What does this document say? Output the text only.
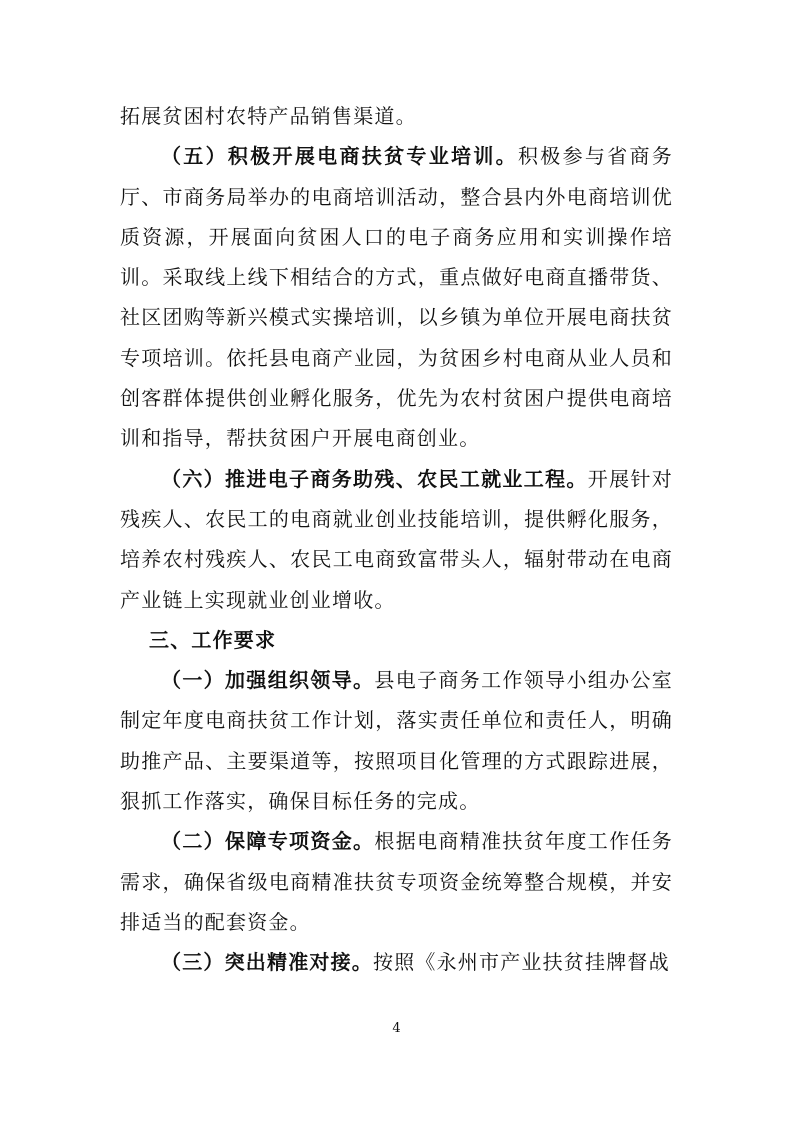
拓展贫困村农特产品销售渠道。

（五）积极开展电商扶贫专业培训。积极参与省商务厅、市商务局举办的电商培训活动，整合县内外电商培训优质资源，开展面向贫困人口的电子商务应用和实训操作培训。采取线上线下相结合的方式，重点做好电商直播带货、社区团购等新兴模式实操培训，以乡镇为单位开展电商扶贫专项培训。依托县电商产业园，为贫困乡村电商从业人员和创客群体提供创业孵化服务，优先为农村贫困户提供电商培训和指导，帮扶贫困户开展电商创业。

（六）推进电子商务助残、农民工就业工程。开展针对残疾人、农民工的电商就业创业技能培训，提供孵化服务，培养农村残疾人、农民工电商致富带头人，辐射带动在电商产业链上实现就业创业增收。

三、工作要求

（一）加强组织领导。县电子商务工作领导小组办公室制定年度电商扶贫工作计划，落实责任单位和责任人，明确助推产品、主要渠道等，按照项目化管理的方式跟踪进展，狠抓工作落实，确保目标任务的完成。

（二）保障专项资金。根据电商精准扶贫年度工作任务需求，确保省级电商精准扶贫专项资金统筹整合规模，并安排适当的配套资金。

（三）突出精准对接。按照《永州市产业扶贫挂牌督战

4
